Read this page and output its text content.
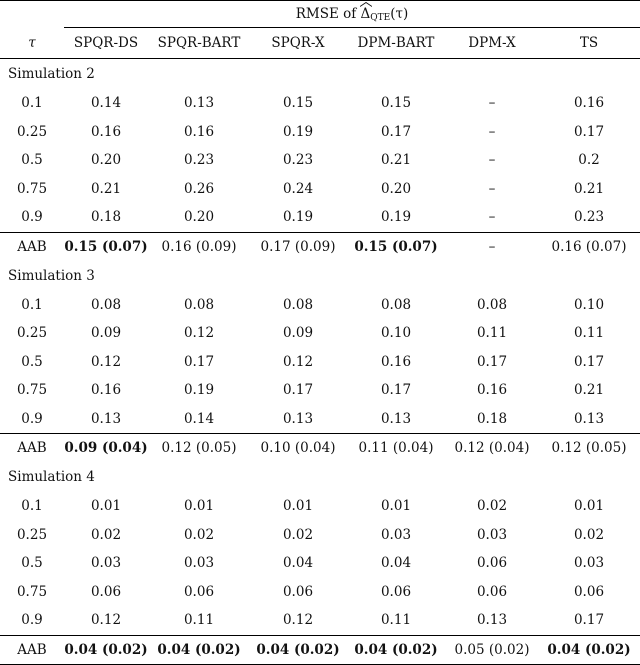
	RMSE of
$\Delta_{QTE}(\tau)$					
τ	SPQR-DS	SPQR-BART	SPQR-X	DPM-BART	DPM-X	TS
Simulation 2						
0.1	0.14	0.13	0.15	0.15	–	0.16
0.25	0.16	0.16	0.19	0.17	–	0.17
0.5	0.20	0.23	0.23	0.21	–	0.2
0.75	0.21	0.26	0.24	0.20	–	0.21
0.9	0.18	0.20	0.19	0.19	–	0.23
AAB	0.15 (0.07)	0.16 (0.09)	0.17 (0.09)	0.15 (0.07)	–	0.16 (0.07)
Simulation 3						
0.1	0.08	0.08	0.08	0.08	0.08	0.10
0.25	0.09	0.12	0.09	0.10	0.11	0.11
0.5	0.12	0.17	0.12	0.16	0.17	0.17
0.75	0.16	0.19	0.17	0.17	0.16	0.21
0.9	0.13	0.14	0.13	0.13	0.18	0.13
AAB	0.09 (0.04)	0.12 (0.05)	0.10 (0.04)	0.11 (0.04)	0.12 (0.04)	0.12 (0.05)
Simulation 4						
0.1	0.01	0.01	0.01	0.01	0.02	0.01
0.25	0.02	0.02	0.02	0.03	0.03	0.02
0.5	0.03	0.03	0.04	0.04	0.06	0.03
0.75	0.06	0.06	0.06	0.06	0.06	0.06
0.9	0.12	0.11	0.12	0.11	0.13	0.17
AAB	0.04 (0.02)	0.04 (0.02)	0.04 (0.02)	0.04 (0.02)	0.05 (0.02)	0.04 (0.02)
